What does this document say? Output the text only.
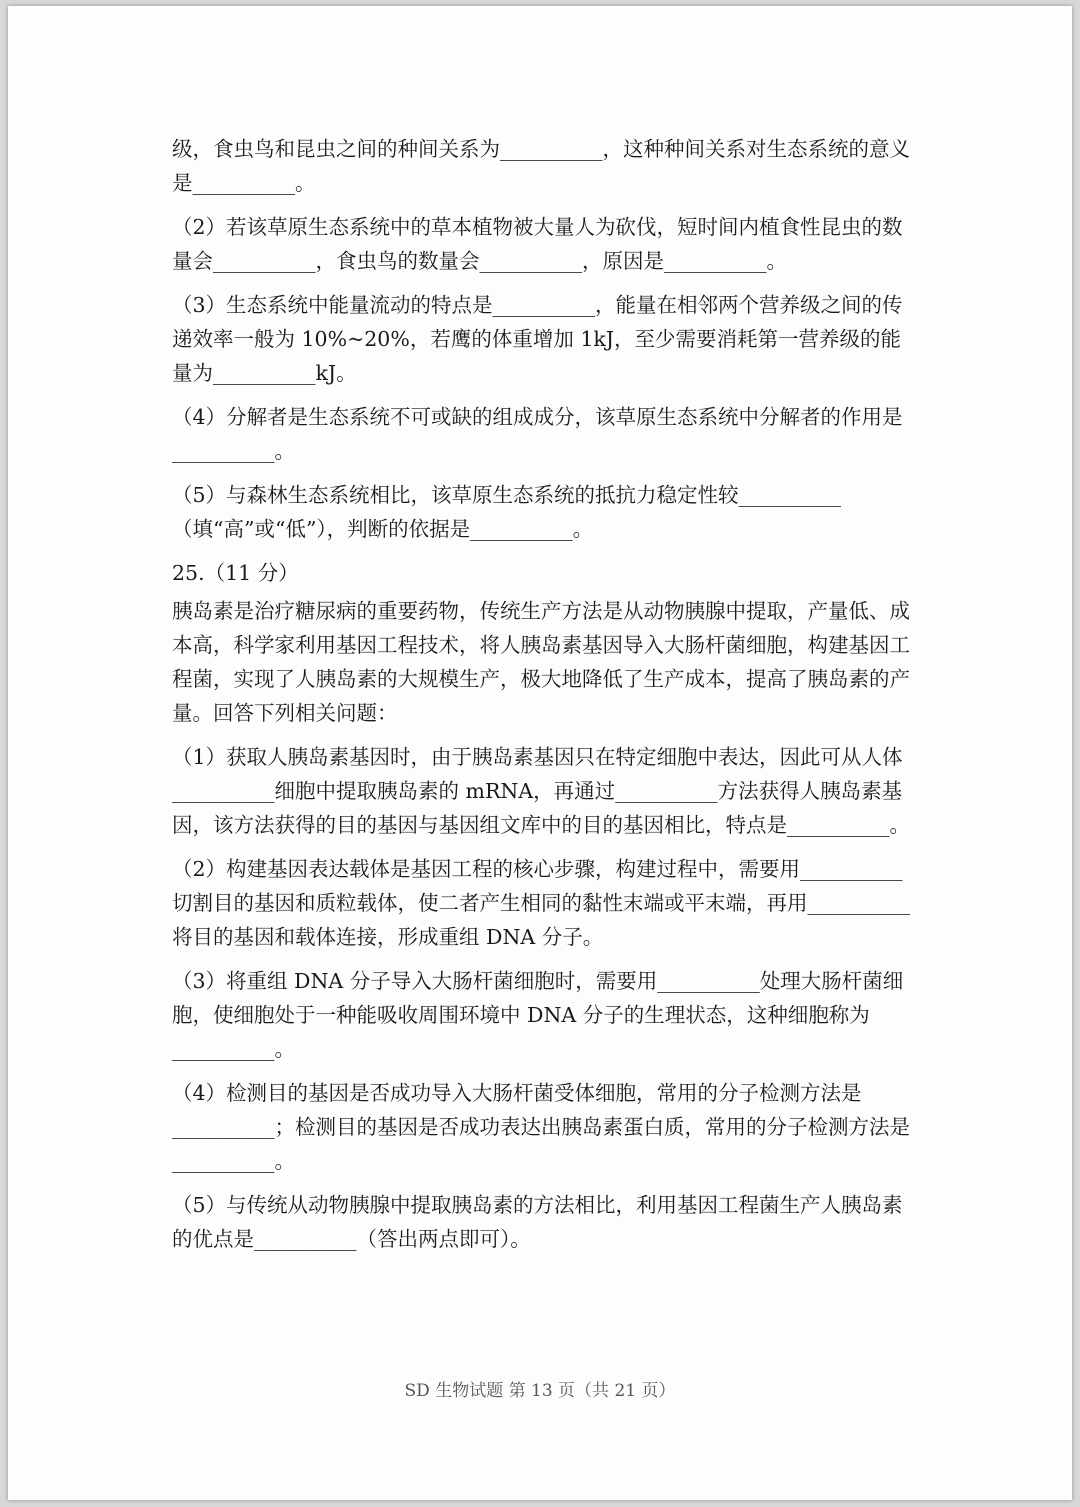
级，食虫鸟和昆虫之间的种间关系为__________，这种种间关系对生态系统的意义是__________。

（2）若该草原生态系统中的草本植物被大量人为砍伐，短时间内植食性昆虫的数量会__________，食虫鸟的数量会__________，原因是__________。

（3）生态系统中能量流动的特点是__________，能量在相邻两个营养级之间的传递效率一般为 10%~20%，若鹰的体重增加 1kJ，至少需要消耗第一营养级的能量为__________kJ。

（4）分解者是生态系统不可或缺的组成成分，该草原生态系统中分解者的作用是__________。

（5）与森林生态系统相比，该草原生态系统的抵抗力稳定性较__________（填“高”或“低”），判断的依据是__________。

25.（11 分）

胰岛素是治疗糖尿病的重要药物，传统生产方法是从动物胰腺中提取，产量低、成本高，科学家利用基因工程技术，将人胰岛素基因导入大肠杆菌细胞，构建基因工程菌，实现了人胰岛素的大规模生产，极大地降低了生产成本，提高了胰岛素的产量。回答下列相关问题：

（1）获取人胰岛素基因时，由于胰岛素基因只在特定细胞中表达，因此可从人体__________细胞中提取胰岛素的 mRNA，再通过__________方法获得人胰岛素基因，该方法获得的目的基因与基因组文库中的目的基因相比，特点是__________。

（2）构建基因表达载体是基因工程的核心步骤，构建过程中，需要用__________切割目的基因和质粒载体，使二者产生相同的黏性末端或平末端，再用__________将目的基因和载体连接，形成重组 DNA 分子。

（3）将重组 DNA 分子导入大肠杆菌细胞时，需要用__________处理大肠杆菌细胞，使细胞处于一种能吸收周围环境中 DNA 分子的生理状态，这种细胞称为__________。

（4）检测目的基因是否成功导入大肠杆菌受体细胞，常用的分子检测方法是__________；检测目的基因是否成功表达出胰岛素蛋白质，常用的分子检测方法是__________。

（5）与传统从动物胰腺中提取胰岛素的方法相比，利用基因工程菌生产人胰岛素的优点是__________（答出两点即可）。

SD 生物试题 第 13 页（共 21 页）
